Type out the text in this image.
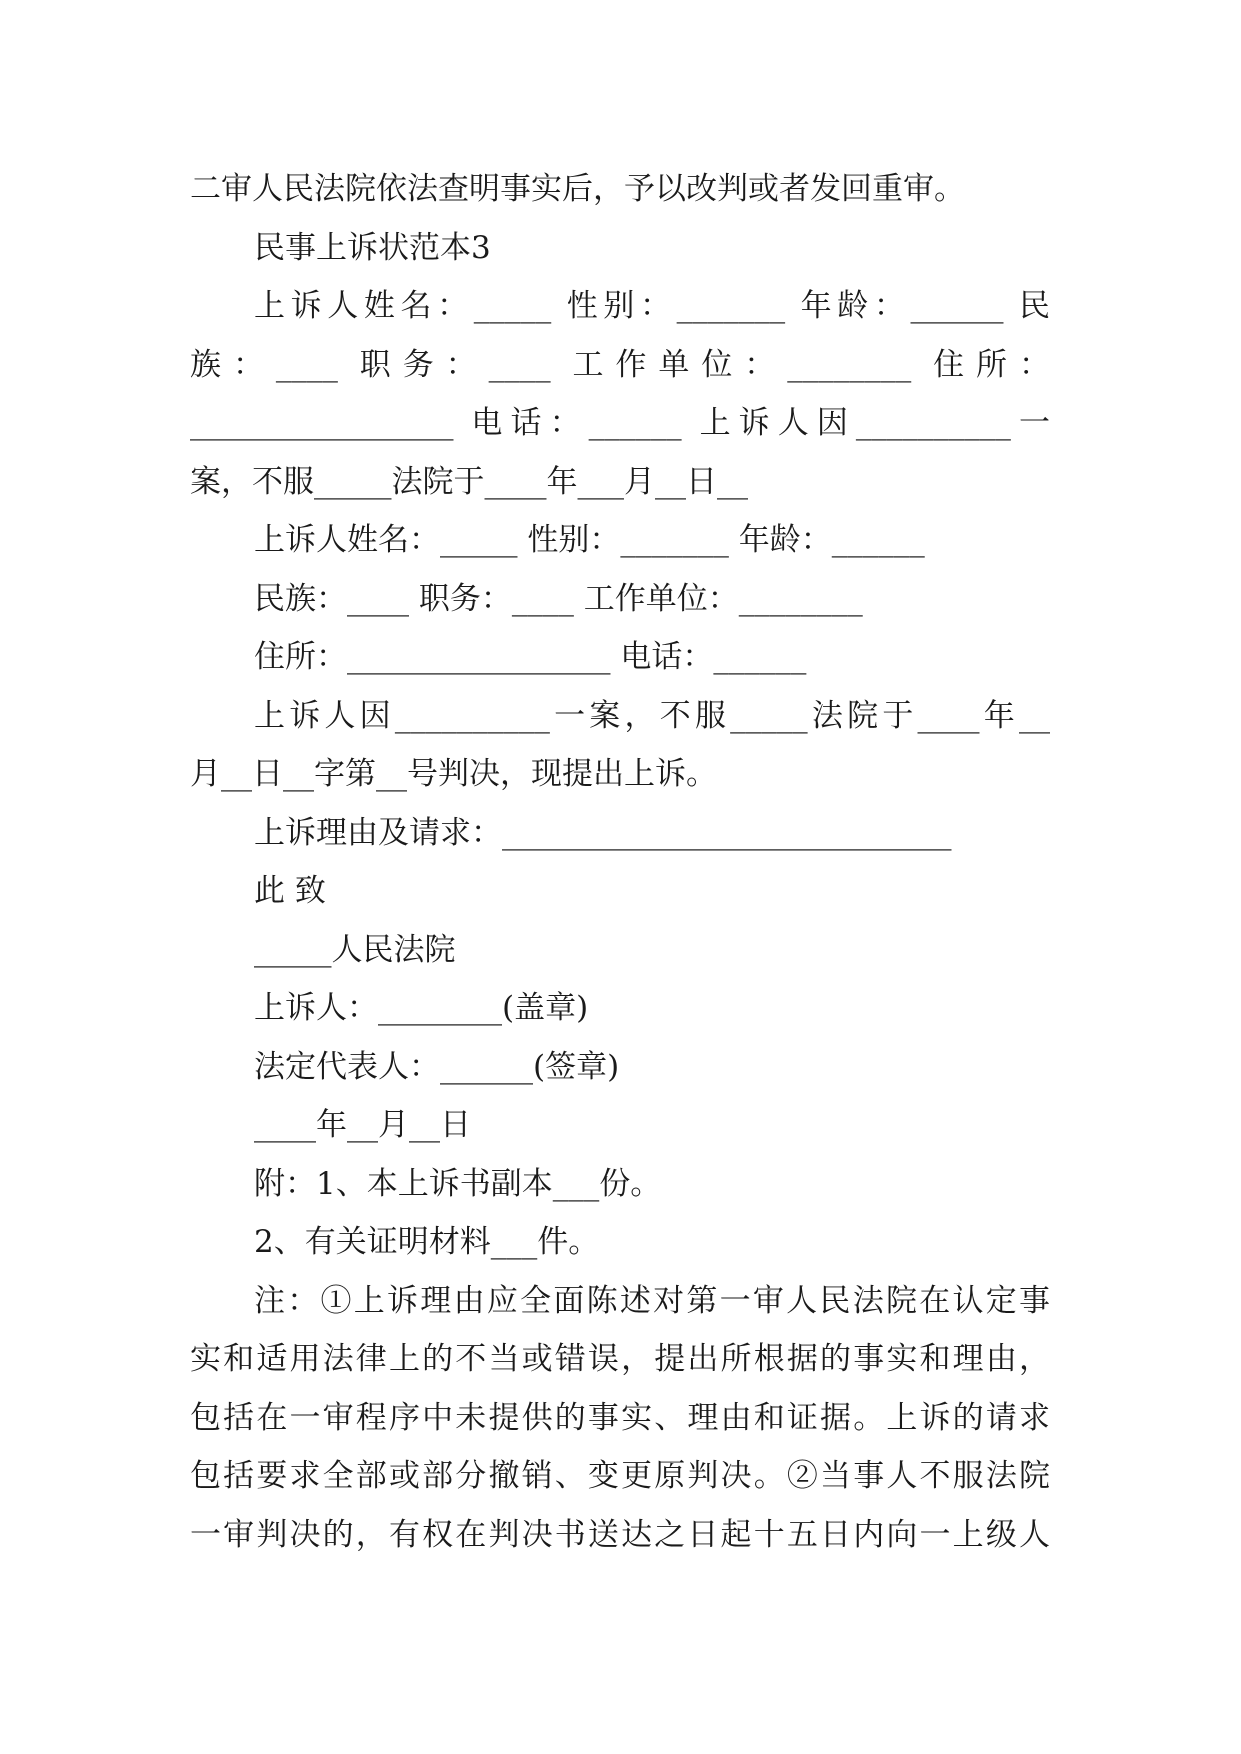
二审人民法院依法查明事实后，予以改判或者发回重审。
民事上诉状范本3
上诉人姓名：_____ 性别：_______ 年龄：______ 民
族：____ 职务：____ 工作单位：________ 住所：
_________________ 电话：______ 上诉人因__________一
案，不服_____法院于____年___月__日__
上诉人姓名：_____ 性别：_______ 年龄：______
民族：____ 职务：____ 工作单位：________
住所：_________________ 电话：______
上诉人因__________一案，不服_____法院于____年__
月__日__字第__号判决，现提出上诉。
上诉理由及请求：_____________________________
此 致
_____人民法院
上诉人：________(盖章)
法定代表人：______(签章)
____年__月__日
附：1、本上诉书副本___份。
2、有关证明材料___件。
注：①上诉理由应全面陈述对第一审人民法院在认定事
实和适用法律上的不当或错误，提出所根据的事实和理由，
包括在一审程序中未提供的事实、理由和证据。上诉的请求
包括要求全部或部分撤销、变更原判决。②当事人不服法院
一审判决的，有权在判决书送达之日起十五日内向一上级人
